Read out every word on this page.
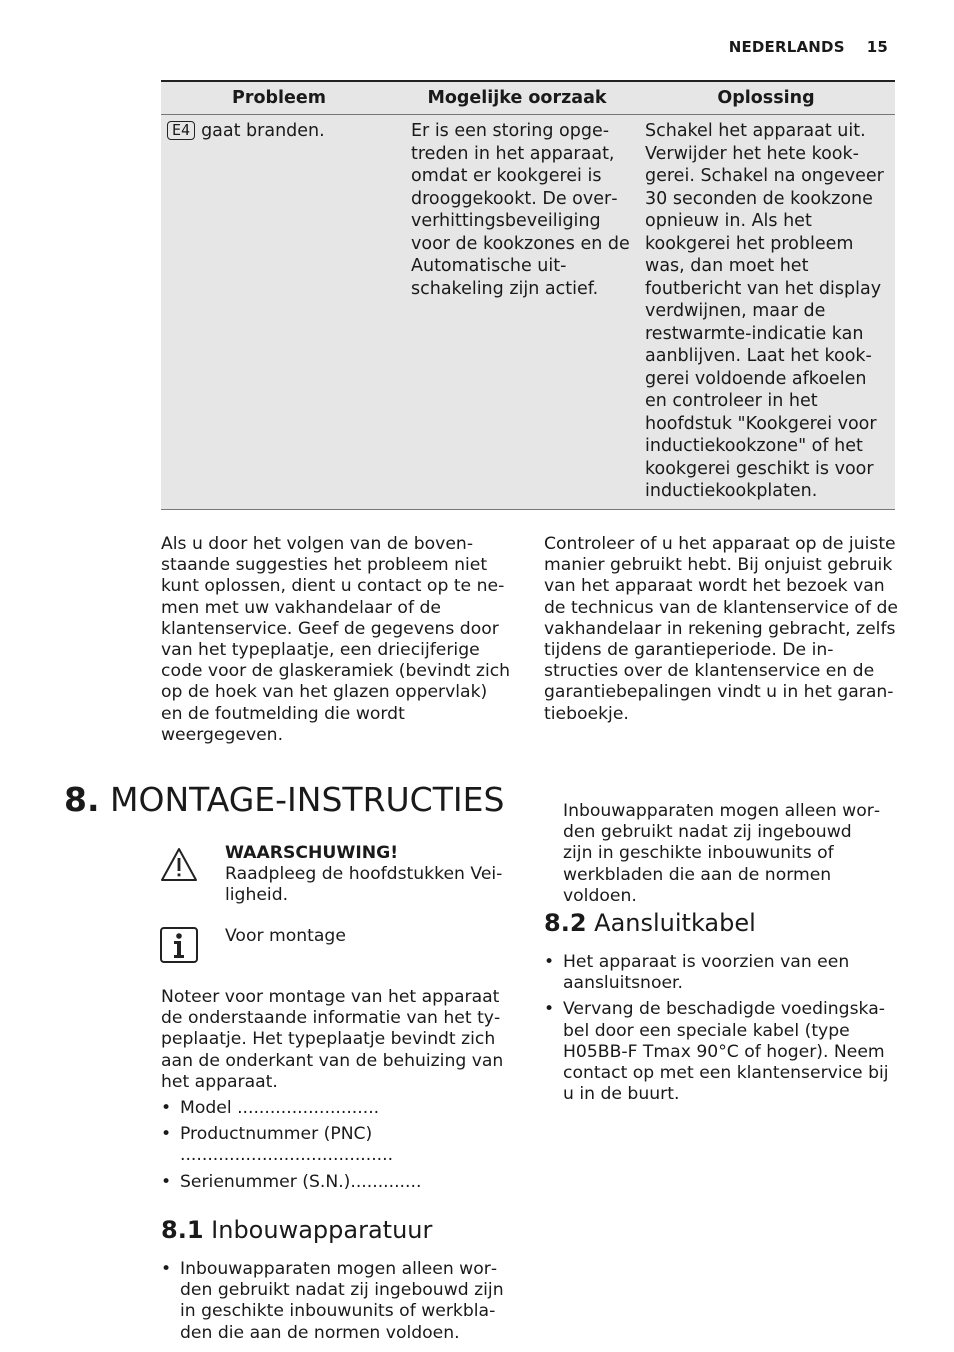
NEDERLANDS 15
Probleem	Mogelijke oorzaak	Oplossing
E4 gaat branden.	Er is een storing opgetreden in het apparaat, omdat er kookgerei is drooggekookt. De oververhittingsbeveiliging voor de kookzones en de Automatische uitschakeling zijn actief.	Schakel het apparaat uit. Verwijder het hete kookgerei. Schakel na ongeveer 30 seconden de kookzone opnieuw in. Als het kookgerei het probleem was, dan moet het foutbericht van het display verdwijnen, maar de restwarmte-indicatie kan aanblijven. Laat het kookgerei voldoende afkoelen en controleer in het hoofdstuk "Kookgerei voor inductiekookzone" of het kookgerei geschikt is voor inductiekookplaten.
Als u door het volgen van de bovenstaande suggesties het probleem niet kunt oplossen, dient u contact op te nemen met uw vakhandelaar of de klantenservice. Geef de gegevens door van het typeplaatje, een driecijferige code voor de glaskeramiek (bevindt zich op de hoek van het glazen oppervlak) en de foutmelding die wordt weergegeven.
Controleer of u het apparaat op de juiste manier gebruikt hebt. Bij onjuist gebruik van het apparaat wordt het bezoek van de technicus van de klantenservice of de vakhandelaar in rekening gebracht, zelfs tijdens de garantieperiode. De instructies over de klantenservice en de garantiebepalingen vindt u in het garantieboekje.
8. MONTAGE-INSTRUCTIES
WAARSCHUWING!
Raadpleeg de hoofdstukken Veiligheid.
Voor montage
Noteer voor montage van het apparaat de onderstaande informatie van het typeplaatje. Het typeplaatje bevindt zich aan de onderkant van de behuizing van het apparaat.
• Model ..........................
• Productnummer (PNC) .......................................
• Serienummer (S.N.).............
8.1 Inbouwapparatuur
• Inbouwapparaten mogen alleen worden gebruikt nadat zij ingebouwd zijn in geschikte inbouwunits of werkbladen die aan de normen voldoen.
Inbouwapparaten mogen alleen worden gebruikt nadat zij ingebouwd zijn in geschikte inbouwunits of werkbladen die aan de normen voldoen.
8.2 Aansluitkabel
• Het apparaat is voorzien van een aansluitsnoer.
• Vervang de beschadigde voedingskabel door een speciale kabel (type H05BB-F Tmax 90°C of hoger). Neem contact op met een klantenservice bij u in de buurt.
